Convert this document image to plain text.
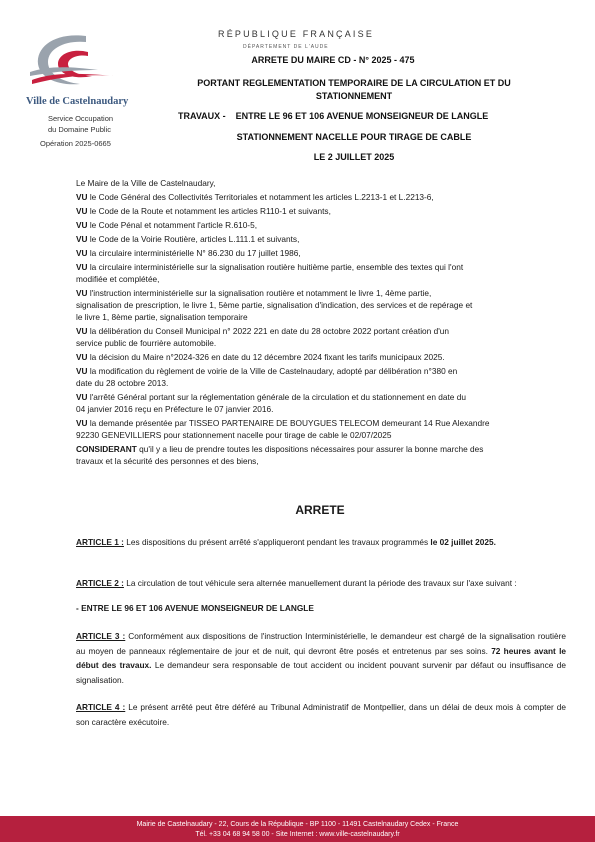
RÉPUBLIQUE FRANÇAISE
DÉPARTEMENT DE L'AUDE
Ville de Castelnaudary
Service Occupation
du Domaine Public
Opération 2025-0665
ARRETE DU MAIRE CD - N° 2025 - 475
PORTANT REGLEMENTATION TEMPORAIRE DE LA CIRCULATION ET DU
STATIONNEMENT
TRAVAUX -    ENTRE LE 96 ET 106 AVENUE MONSEIGNEUR DE LANGLE
STATIONNEMENT NACELLE POUR TIRAGE DE CABLE
LE 2 JUILLET 2025
Le Maire de la Ville de Castelnaudary,
VU le Code Général des Collectivités Territoriales et notamment les articles L.2213-1 et L.2213-6,
VU le Code de la Route et notamment les articles R110-1 et suivants,
VU le Code Pénal et notamment l'article R.610-5,
VU le Code de la Voirie Routière, articles L.111.1 et suivants,
VU la circulaire interministérielle N° 86.230 du 17 juillet 1986,
VU la circulaire interministérielle sur la signalisation routière huitième partie, ensemble des textes qui l'ont
modifiée et complétée,
VU l'instruction interministérielle sur la signalisation routière et notamment le livre 1, 4ème partie,
signalisation de prescription, le livre 1, 5ème partie, signalisation d'indication, des services et de repérage et
le livre 1, 8ème partie, signalisation temporaire
VU la délibération du Conseil Municipal n° 2022 221 en date du 28 octobre 2022 portant création d'un
service public de fourrière automobile.
VU la décision du Maire n°2024-326 en date du 12 décembre 2024 fixant les tarifs municipaux 2025.
VU la modification du règlement de voirie de la Ville de Castelnaudary, adopté par délibération n°380 en
date du 28 octobre 2013.
VU l'arrêté Général portant sur la réglementation générale de la circulation et du stationnement en date du
04 janvier 2016 reçu en Préfecture le 07 janvier 2016.
VU la demande présentée par TISSEO PARTENAIRE DE BOUYGUES TELECOM demeurant 14 Rue Alexandre
92230 GENEVILLIERS pour stationnement nacelle pour tirage de cable le 02/07/2025
CONSIDERANT qu'il y a lieu de prendre toutes les dispositions nécessaires pour assurer la bonne marche des
travaux et la sécurité des personnes et des biens,
ARRETE
ARTICLE 1 : Les dispositions du présent arrêté s'appliqueront pendant les travaux programmés le 02 juillet 2025.
ARTICLE 2 : La circulation de tout véhicule sera alternée manuellement durant la période des travaux sur l'axe suivant :
- ENTRE LE 96 ET 106 AVENUE MONSEIGNEUR DE LANGLE
ARTICLE 3 : Conformément aux dispositions de l'instruction Interministérielle, le demandeur est chargé de la signalisation routière au moyen de panneaux réglementaire de jour et de nuit, qui devront être posés et entretenus par ses soins. 72 heures avant le début des travaux. Le demandeur sera responsable de tout accident ou incident pouvant survenir par défaut ou insuffisance de signalisation.
ARTICLE 4 : Le présent arrêté peut être déféré au Tribunal Administratif de Montpellier, dans un délai de deux mois à compter de son caractère exécutoire.
Mairie de Castelnaudary - 22, Cours de la République - BP 1100 - 11491 Castelnaudary Cedex - France
Tél. +33 04 68 94 58 00 - Site Internet : www.ville-castelnaudary.fr
